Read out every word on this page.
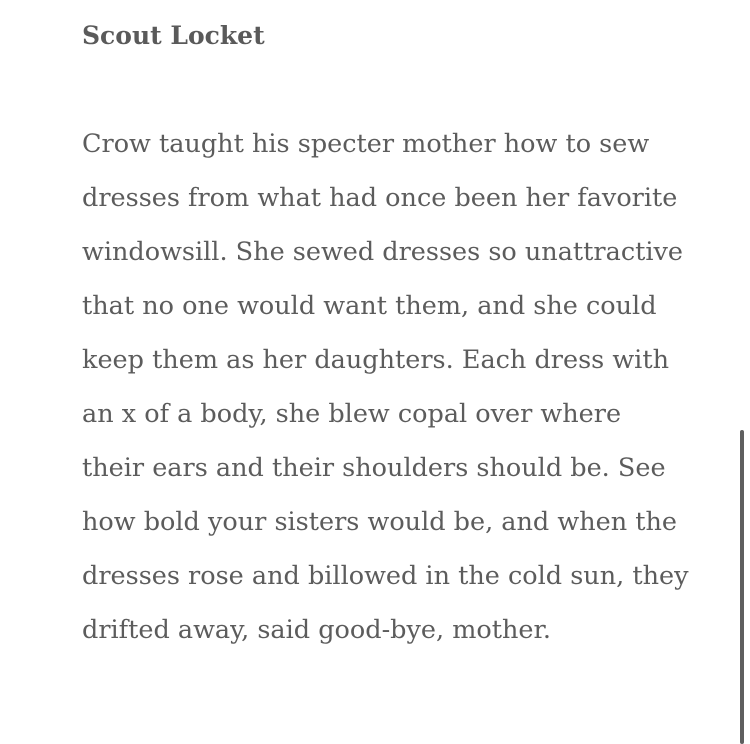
Scout Locket
Crow taught his specter mother how to sew
dresses from what had once been her favorite
windowsill. She sewed dresses so unattractive
that no one would want them, and she could
keep them as her daughters. Each dress with
an x of a body, she blew copal over where
their ears and their shoulders should be. See
how bold your sisters would be, and when the
dresses rose and billowed in the cold sun, they
drifted away, said good-bye, mother.
